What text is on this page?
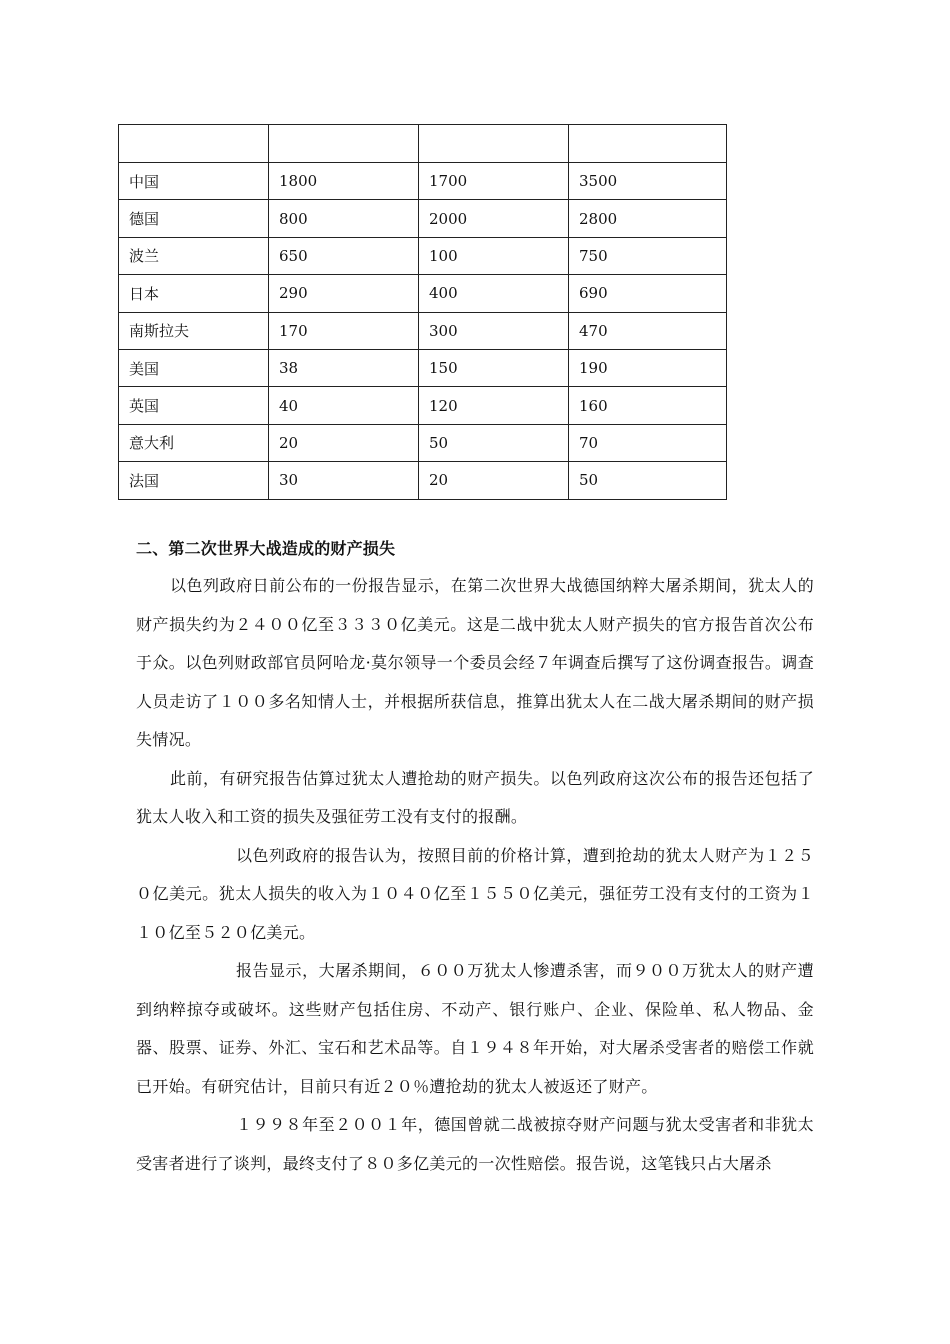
中国	1800	1700	3500
德国	800	2000	2800
波兰	650	100	750
日本	290	400	690
南斯拉夫	170	300	470
美国	38	150	190
英国	40	120	160
意大利	20	50	70
法国	30	20	50
二、第二次世界大战造成的财产损失

以色列政府日前公布的一份报告显示，在第二次世界大战德国纳粹大屠杀期间，犹太人的财产损失约为２４００亿至３３３０亿美元。这是二战中犹太人财产损失的官方报告首次公布于众。以色列财政部官员阿哈龙·莫尔领导一个委员会经７年调查后撰写了这份调查报告。调查人员走访了１００多名知情人士，并根据所获信息，推算出犹太人在二战大屠杀期间的财产损失情况。

此前，有研究报告估算过犹太人遭抢劫的财产损失。以色列政府这次公布的报告还包括了犹太人收入和工资的损失及强征劳工没有支付的报酬。

以色列政府的报告认为，按照目前的价格计算，遭到抢劫的犹太人财产为１２５０亿美元。犹太人损失的收入为１０４０亿至１５５０亿美元，强征劳工没有支付的工资为１１０亿至５２０亿美元。

报告显示，大屠杀期间，６００万犹太人惨遭杀害，而９００万犹太人的财产遭到纳粹掠夺或破坏。这些财产包括住房、不动产、银行账户、企业、保险单、私人物品、金器、股票、证券、外汇、宝石和艺术品等。自１９４８年开始，对大屠杀受害者的赔偿工作就已开始。有研究估计，目前只有近２０％遭抢劫的犹太人被返还了财产。

１９９８年至２００１年，德国曾就二战被掠夺财产问题与犹太受害者和非犹太受害者进行了谈判，最终支付了８０多亿美元的一次性赔偿。报告说，这笔钱只占大屠杀
